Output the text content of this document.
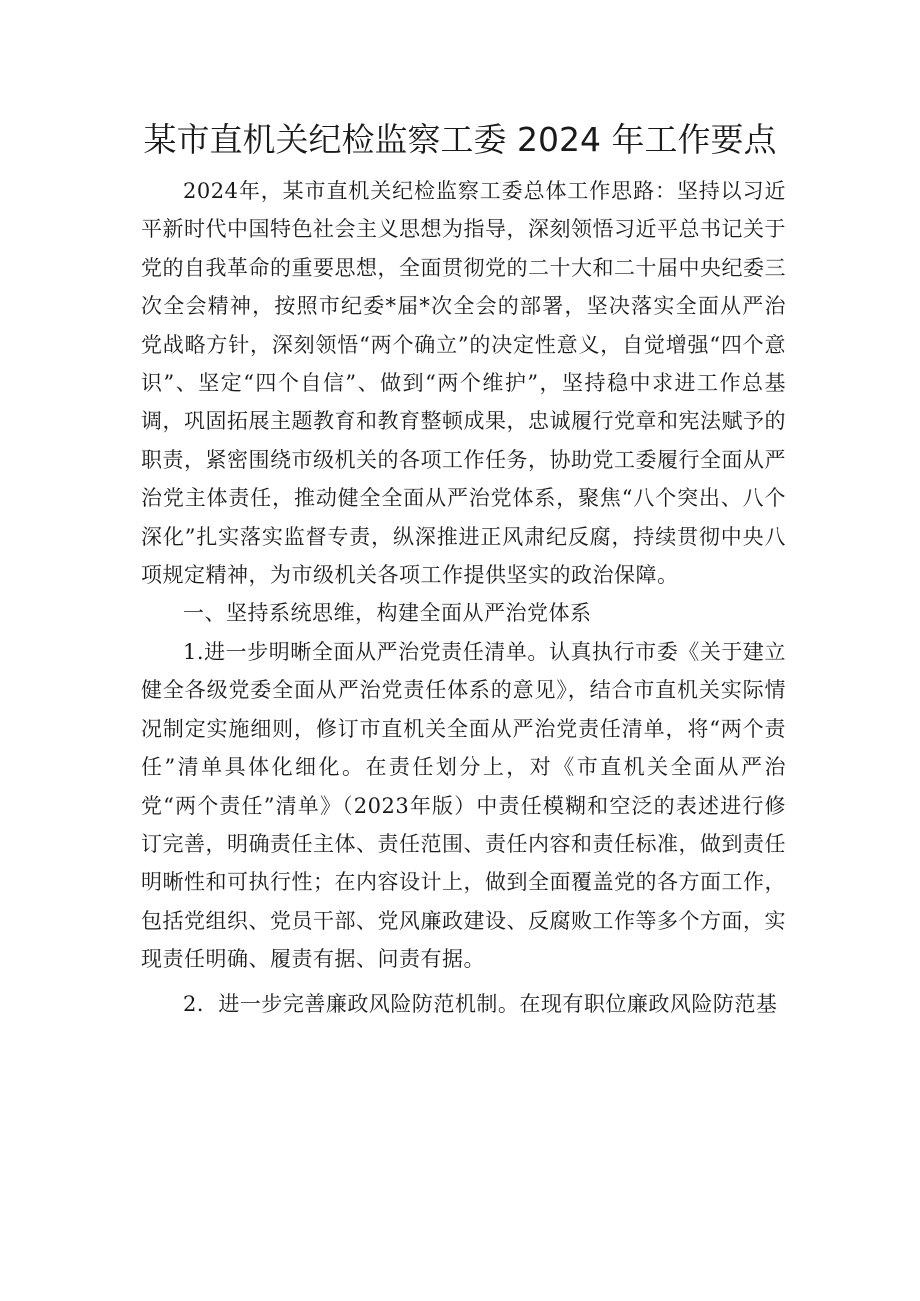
某市直机关纪检监察工委 2024 年工作要点

2024年，某市直机关纪检监察工委总体工作思路：坚持以习近平新时代中国特色社会主义思想为指导，深刻领悟习近平总书记关于党的自我革命的重要思想，全面贯彻党的二十大和二十届中央纪委三次全会精神，按照市纪委*届*次全会的部署，坚决落实全面从严治党战略方针，深刻领悟“两个确立”的决定性意义，自觉增强“四个意识”、坚定“四个自信”、做到“两个维护”，坚持稳中求进工作总基调，巩固拓展主题教育和教育整顿成果，忠诚履行党章和宪法赋予的职责，紧密围绕市级机关的各项工作任务，协助党工委履行全面从严治党主体责任，推动健全全面从严治党体系，聚焦“八个突出、八个深化”扎实落实监督专责，纵深推进正风肃纪反腐，持续贯彻中央八项规定精神，为市级机关各项工作提供坚实的政治保障。

一、坚持系统思维，构建全面从严治党体系

1.进一步明晰全面从严治党责任清单。认真执行市委《关于建立健全各级党委全面从严治党责任体系的意见》，结合市直机关实际情况制定实施细则，修订市直机关全面从严治党责任清单，将“两个责任”清单具体化细化。在责任划分上，对《市直机关全面从严治党“两个责任”清单》（2023年版）中责任模糊和空泛的表述进行修订完善，明确责任主体、责任范围、责任内容和责任标准，做到责任明晰性和可执行性；在内容设计上，做到全面覆盖党的各方面工作，包括党组织、党员干部、党风廉政建设、反腐败工作等多个方面，实现责任明确、履责有据、问责有据。

2．进一步完善廉政风险防范机制。在现有职位廉政风险防范基
